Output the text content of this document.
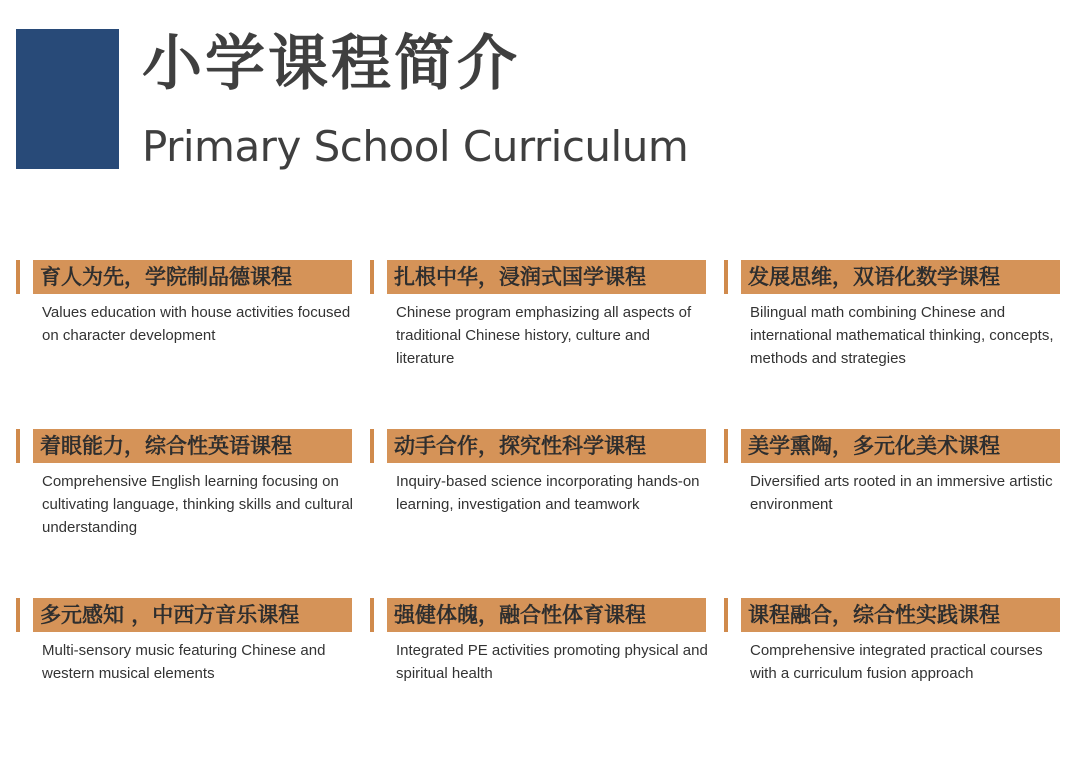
小学课程简介
Primary School Curriculum
育人为先，学院制品德课程
Values education with house activities focused on character development
扎根中华，浸润式国学课程
Chinese program emphasizing all aspects of traditional Chinese history, culture and literature
发展思维，双语化数学课程
Bilingual math combining Chinese and international mathematical thinking, concepts, methods and strategies
着眼能力，综合性英语课程
Comprehensive English learning focusing on cultivating language, thinking skills and cultural understanding
动手合作，探究性科学课程
Inquiry-based science incorporating hands-on learning, investigation and teamwork
美学熏陶，多元化美术课程
Diversified arts rooted in an immersive artistic environment
多元感知 ，中西方音乐课程
Multi-sensory music featuring Chinese and western musical elements
强健体魄，融合性体育课程
Integrated PE activities promoting physical and spiritual health
课程融合，综合性实践课程
Comprehensive integrated practical courses with a curriculum fusion approach
